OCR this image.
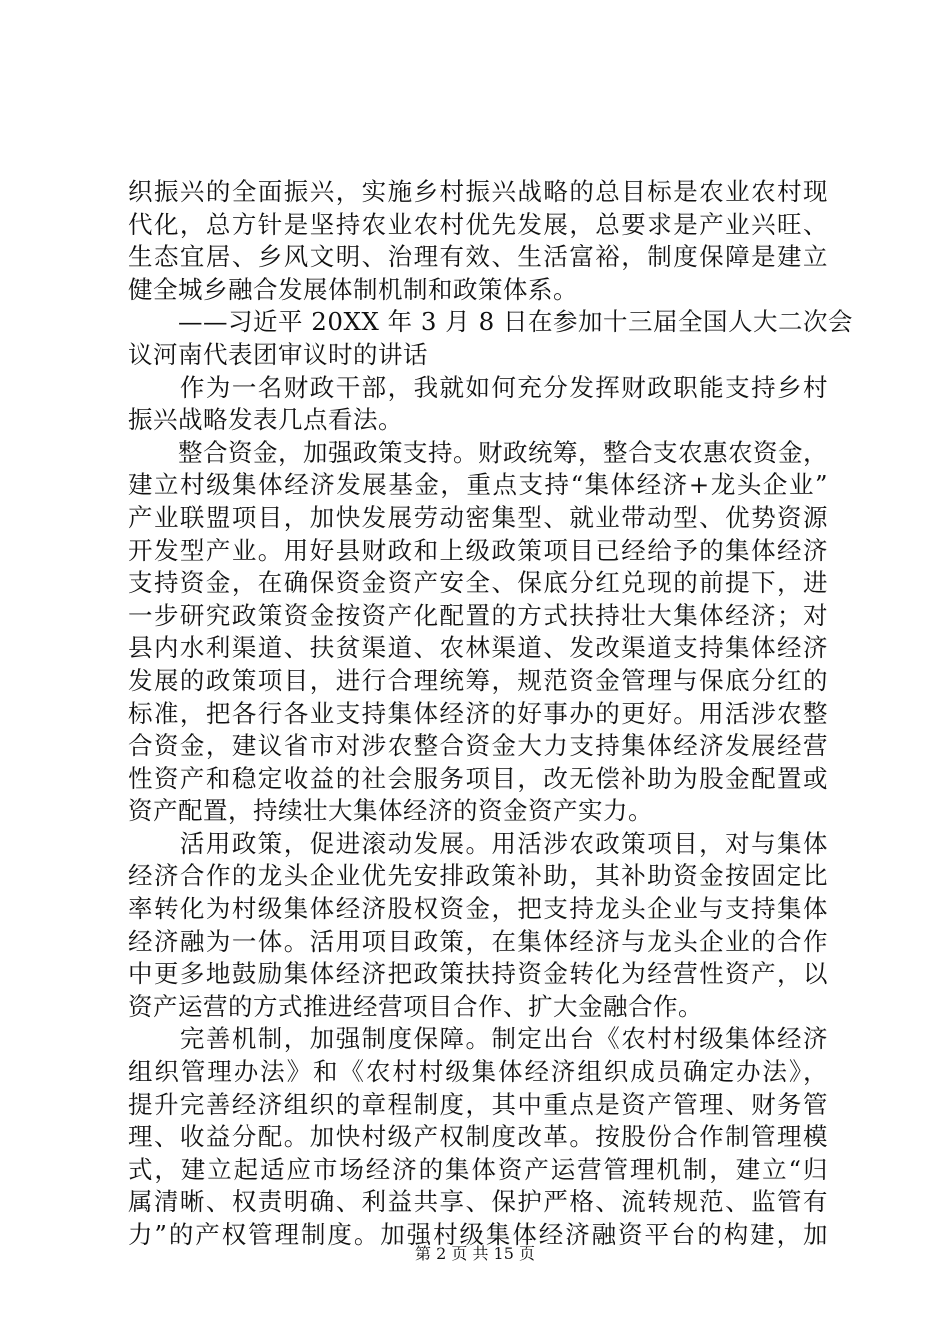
织振兴的全面振兴，实施乡村振兴战略的总目标是农业农村现
代化，总方针是坚持农业农村优先发展，总要求是产业兴旺、
生态宜居、乡风文明、治理有效、生活富裕，制度保障是建立
健全城乡融合发展体制机制和政策体系。
　　——习近平 20XX 年 3 月 8 日在参加十三届全国人大二次会
议河南代表团审议时的讲话
　　作为一名财政干部，我就如何充分发挥财政职能支持乡村
振兴战略发表几点看法。
　　整合资金，加强政策支持。财政统筹，整合支农惠农资金，
建立村级集体经济发展基金，重点支持“集体经济+龙头企业”
产业联盟项目，加快发展劳动密集型、就业带动型、优势资源
开发型产业。用好县财政和上级政策项目已经给予的集体经济
支持资金，在确保资金资产安全、保底分红兑现的前提下，进
一步研究政策资金按资产化配置的方式扶持壮大集体经济；对
县内水利渠道、扶贫渠道、农林渠道、发改渠道支持集体经济
发展的政策项目，进行合理统筹，规范资金管理与保底分红的
标准，把各行各业支持集体经济的好事办的更好。用活涉农整
合资金，建议省市对涉农整合资金大力支持集体经济发展经营
性资产和稳定收益的社会服务项目，改无偿补助为股金配置或
资产配置，持续壮大集体经济的资金资产实力。
　　活用政策，促进滚动发展。用活涉农政策项目，对与集体
经济合作的龙头企业优先安排政策补助，其补助资金按固定比
率转化为村级集体经济股权资金，把支持龙头企业与支持集体
经济融为一体。活用项目政策，在集体经济与龙头企业的合作
中更多地鼓励集体经济把政策扶持资金转化为经营性资产，以
资产运营的方式推进经营项目合作、扩大金融合作。
　　完善机制，加强制度保障。制定出台《农村村级集体经济
组织管理办法》和《农村村级集体经济组织成员确定办法》，
提升完善经济组织的章程制度，其中重点是资产管理、财务管
理、收益分配。加快村级产权制度改革。按股份合作制管理模
式，建立起适应市场经济的集体资产运营管理机制，建立“归
属清晰、权责明确、利益共享、保护严格、流转规范、监管有
力”的产权管理制度。加强村级集体经济融资平台的构建，加
第 2 页 共 15 页
